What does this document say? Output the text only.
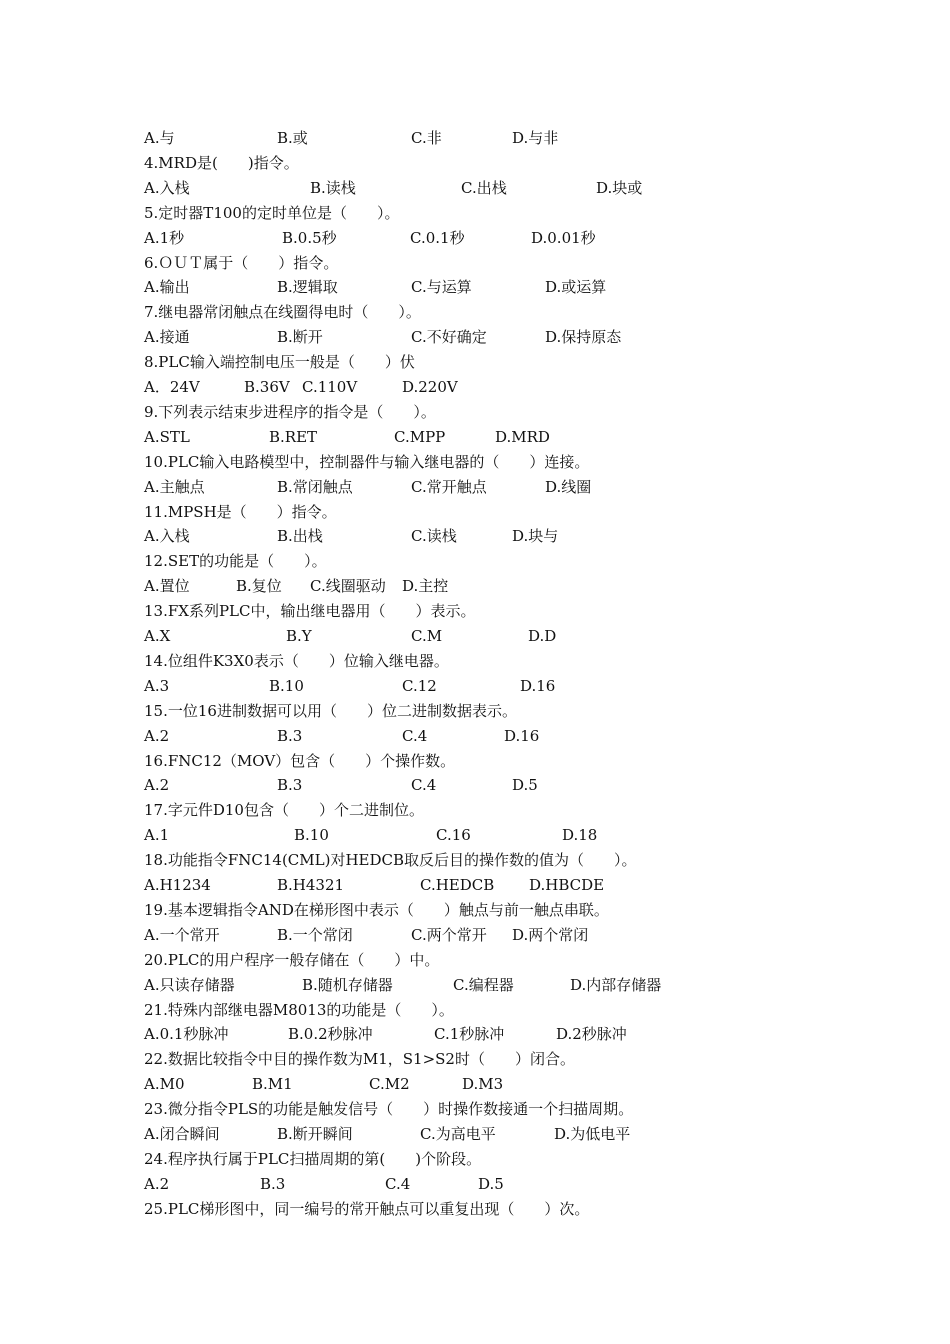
A.与	B.或	C.非	D.与非
4.MRD是(　　)指令。
A.入栈	B.读栈	C.出栈	D.块或
5.定时器T100的定时单位是（　　）。
A.1秒	B.0.5秒	C.0.1秒	D.0.01秒
6.ＯＵＴ属于（　　）指令。
A.输出	B.逻辑取	C.与运算	D.或运算
7.继电器常闭触点在线圈得电时（　　）。
A.接通	B.断开	C.不好确定	D.保持原态
8.PLC输入端控制电压一般是（　　）伏
A．24V	B.36V C.110V	D.220V
9.下列表示结束步进程序的指令是（　　）。
A.STL	B.RET	C.MPP	D.MRD
10.PLC输入电路模型中，控制器件与输入继电器的（　　）连接。
A.主触点	B.常闭触点	C.常开触点	D.线圈
11.MPSH是（　　）指令。
A.入栈	B.出栈	C.读栈	D.块与
12.SET的功能是（　　）。
A.置位	B.复位 C.线圈驱动 D.主控
13.FX系列PLC中，输出继电器用（　　）表示。
A.X	B.Y	C.M	D.D
14.位组件K3X0表示（　　）位输入继电器。
A.3	B.10	C.12	D.16
15.一位16进制数据可以用（　　）位二进制数据表示。
A.2	B.3	C.4	D.16
16.FNC12（MOV）包含（　　）个操作数。
A.2	B.3	C.4	D.5
17.字元件D10包含（　　）个二进制位。
A.1	B.10	C.16	D.18
18.功能指令FNC14(CML)对HEDCB取反后目的操作数的值为（　　）。
A.H1234	B.H4321	C.HEDCB D.HBCDE
19.基本逻辑指令AND在梯形图中表示（　　）触点与前一触点串联。
A.一个常开	B.一个常闭	C.两个常开 D.两个常闭
20.PLC的用户程序一般存储在（　　）中。
A.只读存储器	B.随机存储器	C.编程器	D.内部存储器
21.特殊内部继电器M8013的功能是（　　）。
A.0.1秒脉冲	B.0.2秒脉冲	C.1秒脉冲	D.2秒脉冲
22.数据比较指令中目的操作数为M1，S1>S2时（　　）闭合。
A.M0	B.M1	C.M2	D.M3
23.微分指令PLS的功能是触发信号（　　）时操作数接通一个扫描周期。
A.闭合瞬间	B.断开瞬间	C.为高电平	D.为低电平
24.程序执行属于PLC扫描周期的第(　　)个阶段。
A.2	B.3	C.4	D.5
25.PLC梯形图中，同一编号的常开触点可以重复出现（　　）次。
